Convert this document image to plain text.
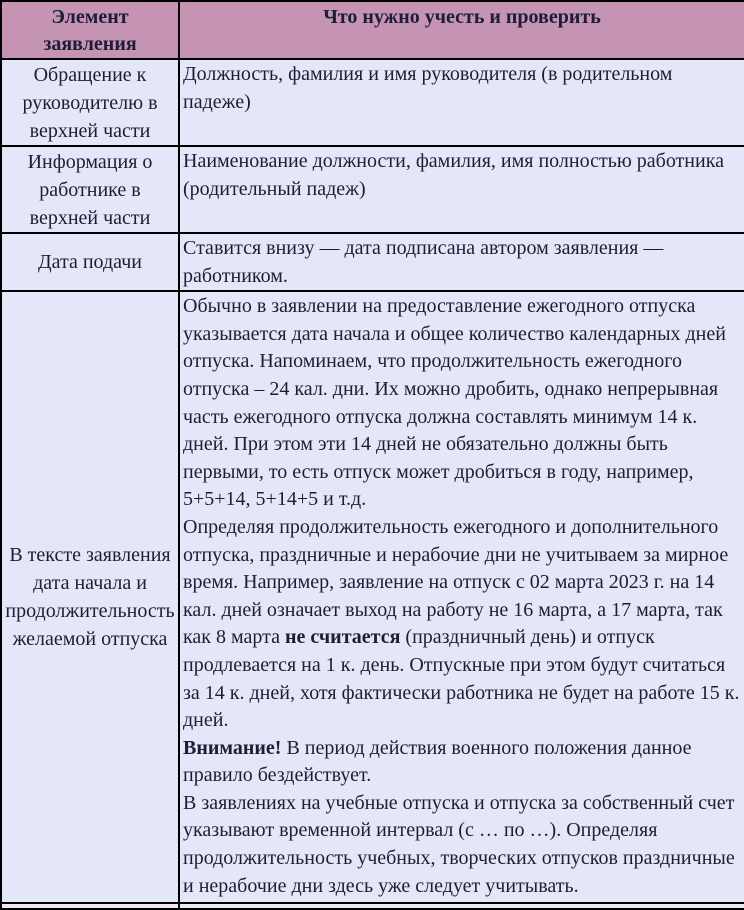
Элемент заявления	Что нужно учесть и проверить
Обращение к руководителю в верхней части	Должность, фамилия и имя руководителя (в родительном падеже)

Информация о работнике в верхней части	Наименование должности, фамилия, имя полностью работника (родительный падеж)

Дата подачи	Ставится внизу — дата подписана автором заявления — работником.

В тексте заявления дата начала и продолжительность желаемой отпуска	Обычно в заявлении на предоставление ежегодного отпуска указывается дата начала и общее количество календарных дней отпуска. Напоминаем, что продолжительность ежегодного отпуска – 24 кал. дни. Их можно дробить, однако непрерывная часть ежегодного отпуска должна составлять минимум 14 к. дней. При этом эти 14 дней не обязательно должны быть первыми, то есть отпуск может дробиться в году, например, 5+5+14, 5+14+5 и т.д.
Определяя продолжительность ежегодного и дополнительного отпуска, праздничные и нерабочие дни не учитываем за мирное время. Например, заявление на отпуск с 02 марта 2023 г. на 14 кал. дней означает выход на работу не 16 марта, а 17 марта, так как 8 марта не считается (праздничный день) и отпуск продлевается на 1 к. день. Отпускные при этом будут считаться за 14 к. дней, хотя фактически работника не будет на работе 15 к. дней.
Внимание! В период действия военного положения данное правило бездействует.
В заявлениях на учебные отпуска и отпуска за собственный счет указывают временной интервал (с … по …). Определяя продолжительность учебных, творческих отпусков праздничные и нерабочие дни здесь уже следует учитывать.
